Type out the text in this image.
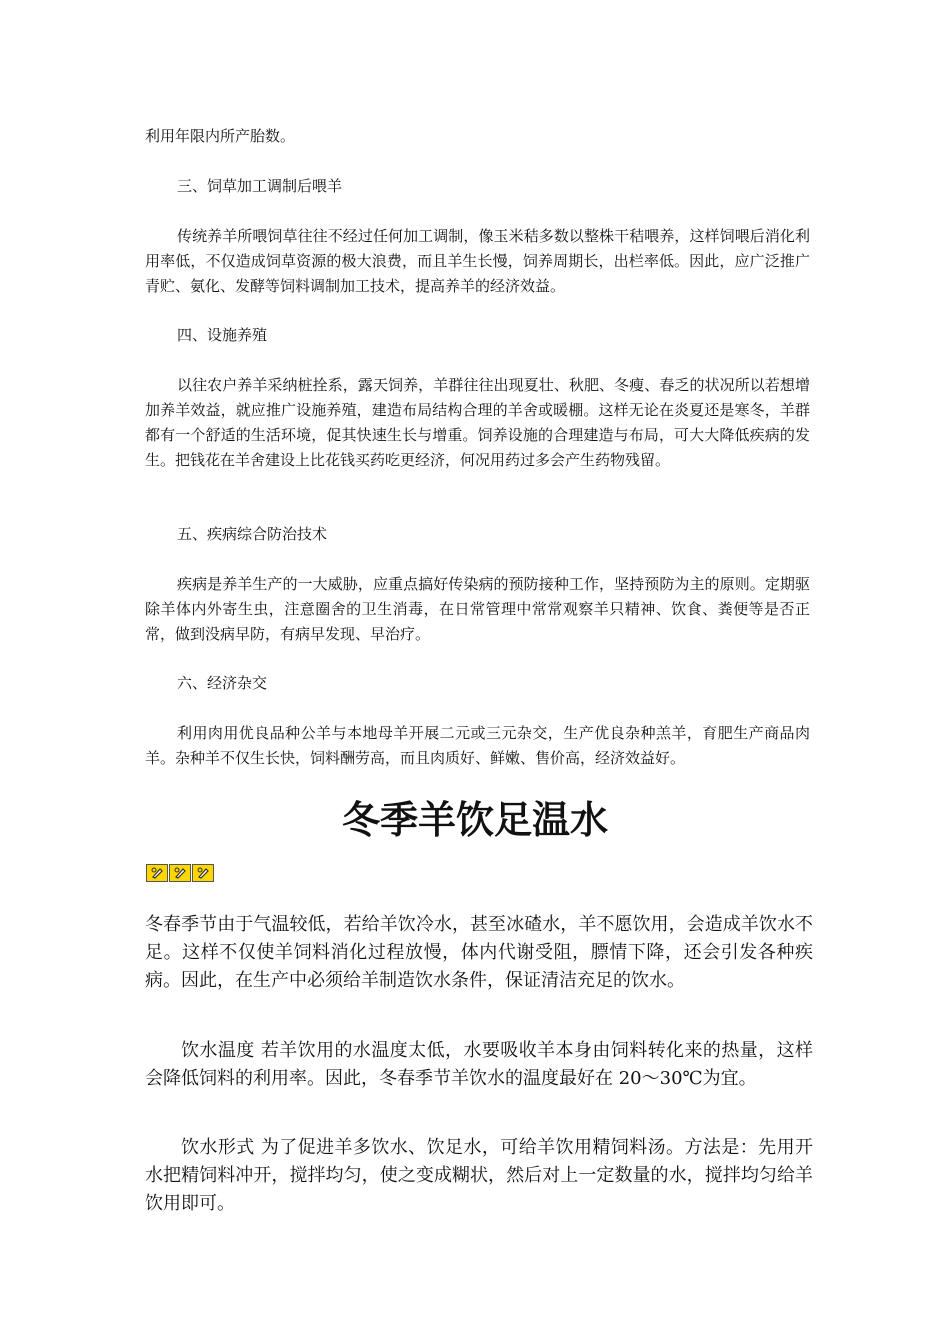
利用年限内所产胎数。

三、饲草加工调制后喂羊

传统养羊所喂饲草往往不经过任何加工调制，像玉米秸多数以整株干秸喂养，这样饲喂后消化利用率低，不仅造成饲草资源的极大浪费，而且羊生长慢，饲养周期长，出栏率低。因此，应广泛推广青贮、氨化、发酵等饲料调制加工技术，提高养羊的经济效益。

四、设施养殖

以往农户养羊采纳桩拴系，露天饲养，羊群往往出现夏壮、秋肥、冬瘦、春乏的状况所以若想增加养羊效益，就应推广设施养殖，建造布局结构合理的羊舍或暖棚。这样无论在炎夏还是寒冬，羊群都有一个舒适的生活环境，促其快速生长与增重。饲养设施的合理建造与布局，可大大降低疾病的发生。把钱花在羊舍建设上比花钱买药吃更经济，何况用药过多会产生药物残留。

五、疾病综合防治技术

疾病是养羊生产的一大威胁，应重点搞好传染病的预防接种工作，坚持预防为主的原则。定期驱除羊体内外寄生虫，注意圈舍的卫生消毒，在日常管理中常常观察羊只精神、饮食、粪便等是否正常，做到没病早防，有病早发现、早治疗。

六、经济杂交

利用肉用优良品种公羊与本地母羊开展二元或三元杂交，生产优良杂种羔羊，育肥生产商品肉羊。杂种羊不仅生长快，饲料酬劳高，而且肉质好、鲜嫩、售价高，经济效益好。

冬季羊饮足温水

冬春季节由于气温较低，若给羊饮冷水，甚至冰碴水，羊不愿饮用，会造成羊饮水不足。这样不仅使羊饲料消化过程放慢，体内代谢受阻，膘情下降，还会引发各种疾病。因此，在生产中必须给羊制造饮水条件，保证清洁充足的饮水。

饮水温度 若羊饮用的水温度太低，水要吸收羊本身由饲料转化来的热量，这样会降低饲料的利用率。因此，冬春季节羊饮水的温度最好在 20～30℃为宜。

饮水形式 为了促进羊多饮水、饮足水，可给羊饮用精饲料汤。方法是：先用开水把精饲料冲开，搅拌均匀，使之变成糊状，然后对上一定数量的水，搅拌均匀给羊饮用即可。
